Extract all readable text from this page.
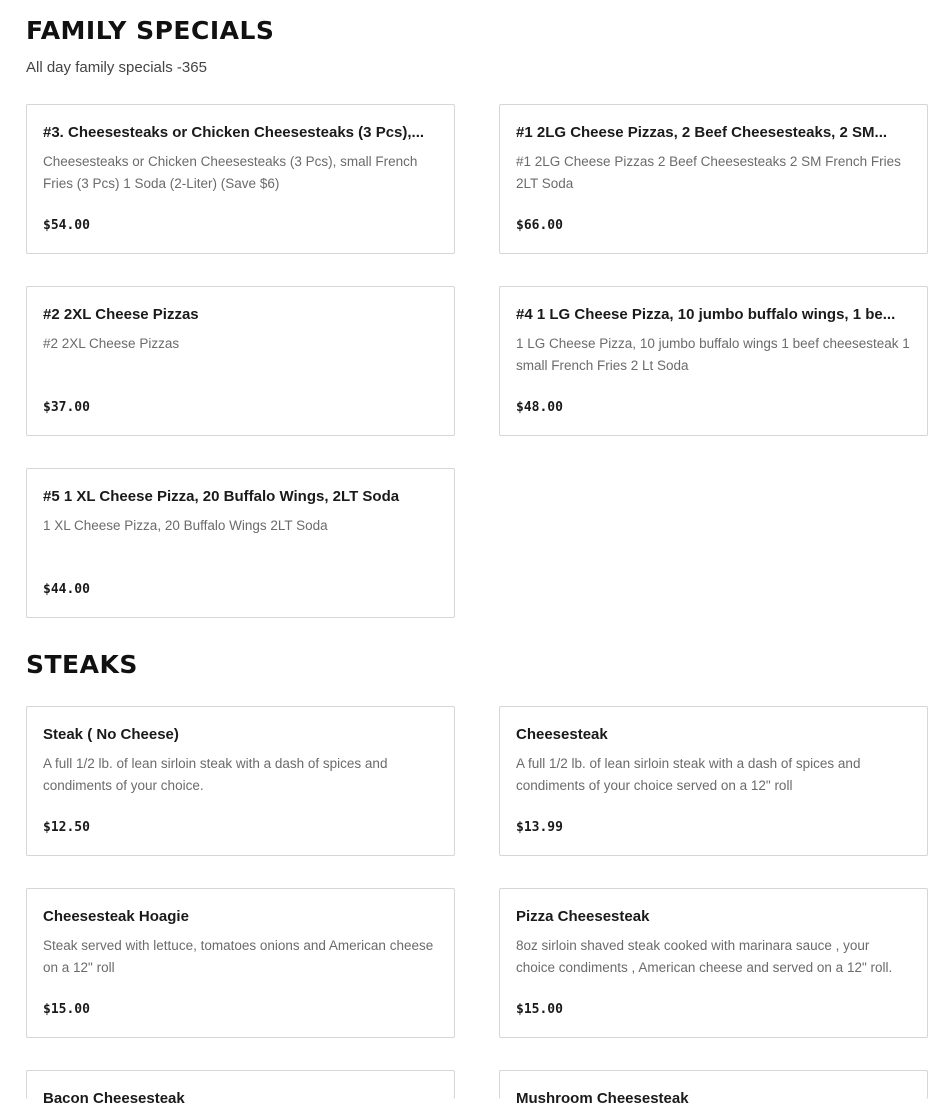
FAMILY SPECIALS

All day family specials -365

#3. Cheesesteaks or Chicken Cheesesteaks (3 Pcs),...
Cheesesteaks or Chicken Cheesesteaks (3 Pcs), small French Fries (3 Pcs) 1 Soda (2-Liter) (Save $6)
$54.00
#1 2LG Cheese Pizzas, 2 Beef Cheesesteaks, 2 SM...
#1 2LG Cheese Pizzas 2 Beef Cheesesteaks 2 SM French Fries 2LT Soda
$66.00
#2 2XL Cheese Pizzas
#2 2XL Cheese Pizzas
$37.00
#4 1 LG Cheese Pizza, 10 jumbo buffalo wings, 1 be...
1 LG Cheese Pizza, 10 jumbo buffalo wings 1 beef cheesesteak 1 small French Fries 2 Lt Soda
$48.00
#5 1 XL Cheese Pizza, 20 Buffalo Wings, 2LT Soda
1 XL Cheese Pizza, 20 Buffalo Wings 2LT Soda
$44.00
STEAKS
Steak ( No Cheese)
A full 1/2 lb. of lean sirloin steak with a dash of spices and condiments of your choice.
$12.50
Cheesesteak
A full 1/2 lb. of lean sirloin steak with a dash of spices and condiments of your choice served on a 12" roll
$13.99
Cheesesteak Hoagie
Steak served with lettuce, tomatoes onions and American cheese on a 12" roll
$15.00
Pizza Cheesesteak
8oz sirloin shaved steak cooked with marinara sauce , your choice condiments , American cheese and served on a 12" roll.
$15.00
Bacon Cheesesteak	Mushroom Cheesesteak
